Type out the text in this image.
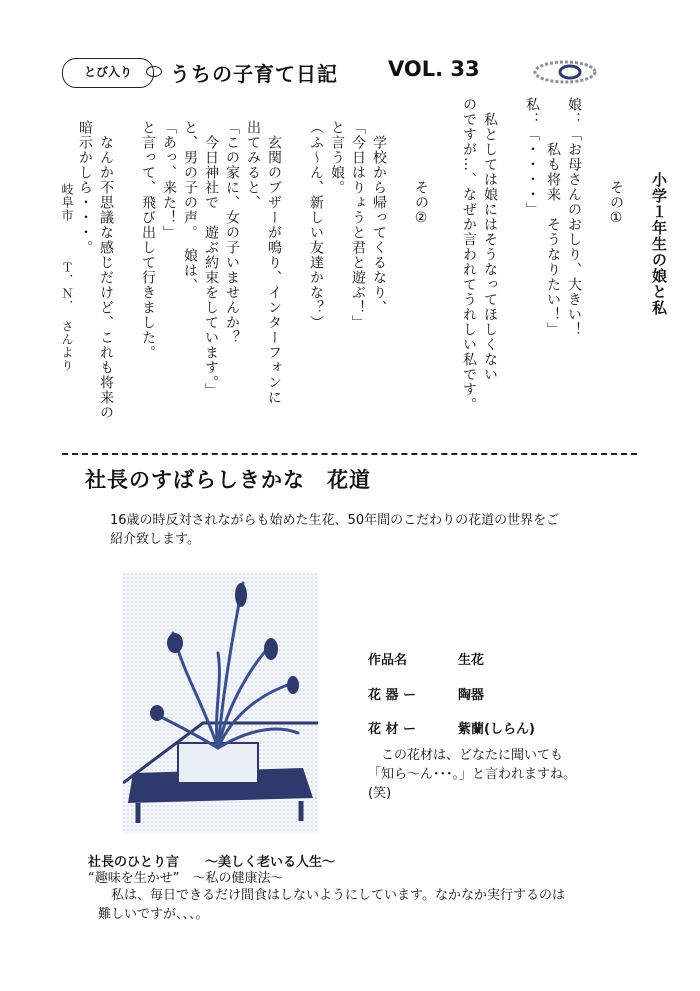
とび入り	うちの子育て日記 VOL. 33
小学１年生の娘と私
その①
娘：「お母さんのおしり、大きい！
　　　私も将来　そうなりたい！」
私：「・・・・」
　私としては娘にはそうなってほしくない
のですが…、なぜか言われてうれしい私です。
その②
　学校から帰ってくるなり、
「今日はりょうと君と遊ぶ！」
と言う娘。
（ふ～ん、新しい友達かな？）
　玄関のブザーが鳴り、インターフォンに
出てみると、
「この家に、女の子いませんか？
　今日神社で　遊ぶ約束をしています。」
と、男の子の声。　娘は、
「あっ、来た！」
と言って、飛び出して行きました。
　なんか不思議な感じだけど、これも将来の
暗示かしら・・・。
岐阜市　　　Ｔ．Ｎ．　さんより
社長のすばらしきかな　花道
16歳の時反対されながらも始めた生花、50年間のこだわりの花道の世界をご紹介致します。
作品名	生花
花 器 ー	陶器
花 材 ー	紫蘭(しらん)
　この花材は、どなたに聞いても「知ら～ん･･･。」と言われますね。(笑)
社長のひとり言　　～美しく老いる人生～
“趣味を生かせ”　～私の健康法～
　私は、毎日できるだけ間食はしないようにしています。なかなか実行するのは難しいですが、、、。
